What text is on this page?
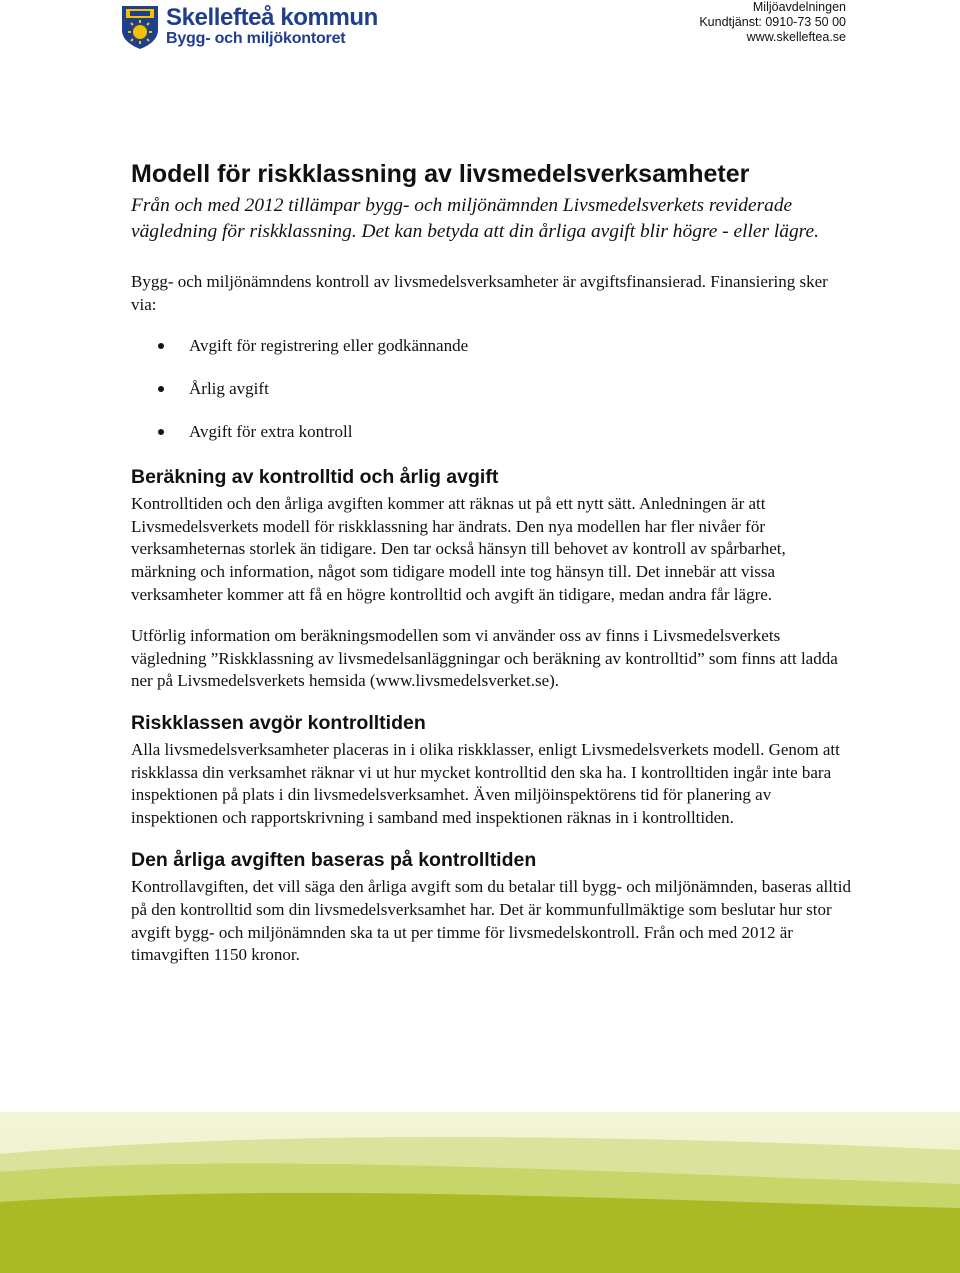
Skellefteå kommun
Bygg- och miljökontoret
Miljöavdelningen
Kundtjänst: 0910-73 50 00
www.skelleftea.se
Modell för riskklassning av livsmedelsverksamheter

Från och med 2012 tillämpar bygg- och miljönämnden Livsmedelsverkets reviderade vägledning för riskklassning. Det kan betyda att din årliga avgift blir högre - eller lägre.

Bygg- och miljönämndens kontroll av livsmedelsverksamheter är avgiftsfinansierad. Finansiering sker via:

Avgift för registrering eller godkännande
Årlig avgift
Avgift för extra kontroll
Beräkning av kontrolltid och årlig avgift

Kontrolltiden och den årliga avgiften kommer att räknas ut på ett nytt sätt. Anledningen är att Livsmedelsverkets modell för riskklassning har ändrats. Den nya modellen har fler nivåer för verksamheternas storlek än tidigare. Den tar också hänsyn till behovet av kontroll av spårbarhet, märkning och information, något som tidigare modell inte tog hänsyn till. Det innebär att vissa verksamheter kommer att få en högre kontrolltid och avgift än tidigare, medan andra får lägre.

Utförlig information om beräkningsmodellen som vi använder oss av finns i Livsmedelsverkets vägledning ”Riskklassning av livsmedelsanläggningar och beräkning av kontrolltid” som finns att ladda ner på Livsmedelsverkets hemsida (www.livsmedelsverket.se).

Riskklassen avgör kontrolltiden

Alla livsmedelsverksamheter placeras in i olika riskklasser, enligt Livsmedelsverkets modell. Genom att riskklassa din verksamhet räknar vi ut hur mycket kontrolltid den ska ha. I kontrolltiden ingår inte bara inspektionen på plats i din livsmedelsverksamhet. Även miljöinspektörens tid för planering av inspektionen och rapportskrivning i samband med inspektionen räknas in i kontrolltiden.

Den årliga avgiften baseras på kontrolltiden

Kontrollavgiften, det vill säga den årliga avgift som du betalar till bygg- och miljönämnden, baseras alltid på den kontrolltid som din livsmedelsverksamhet har. Det är kommunfullmäktige som beslutar hur stor avgift bygg- och miljönämnden ska ta ut per timme för livsmedelskontroll. Från och med 2012 är timavgiften 1150 kronor.
